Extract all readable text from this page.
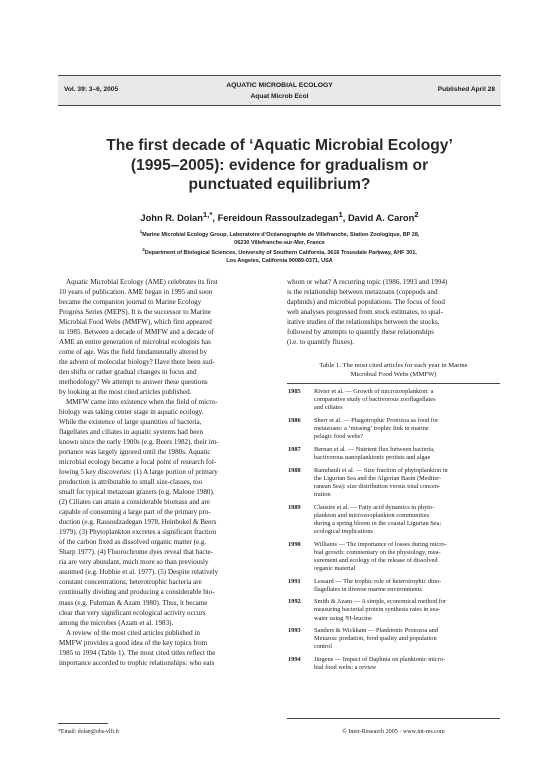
Vol. 39: 3–6, 2005
AQUATIC MICROBIAL ECOLOGY
Aquat Microb Ecol
Published April 28
The first decade of ‘Aquatic Microbial Ecology’
(1995–2005): evidence for gradualism or
punctuated equilibrium?
John R. Dolan$^{1,*}$, Fereidoun Rassoulzadegan$^1$, David A. Caron$^2$
$^1$Marine Microbial Ecology Group, Laboratoire d’Océanographie de Villefranche, Station Zoologique, BP 28,
06230 Villefranche-sur-Mer, France
$^2$Department of Biological Sciences, University of Southern California, 3616 Trousdale Parkway, AHF 301,
Los Angeles, California 90089-0371, USA
Aquatic Microbial Ecology (AME) celebrates its first
10 years of publication. AME began in 1995 and soon
became the companion journal to Marine Ecology
Progress Series (MEPS). It is the successor to Marine
Microbial Food Webs (MMFW), which first appeared
in 1985. Between a decade of MMFW and a decade of
AME an entire generation of microbial ecologists has
come of age. Was the field fundamentally altered by
the advent of molecular biology? Have there been sud-
den shifts or rather gradual changes in focus and
methodology? We attempt to answer these questions
by looking at the most cited articles published.
MMFW came into existence when the field of micro-
biology was taking center stage in aquatic ecology.
While the existence of large quantities of bacteria,
flagellates and ciliates in aquatic systems had been
known since the early 1900s (e.g. Beers 1982), their im-
portance was largely ignored until the 1980s. Aquatic
microbial ecology became a focal point of research fol-
lowing 5 key discoveries: (1) A large portion of primary
production is attributable to small size-classes, too
small for typical metazoan grazers (e.g. Malone 1980).
(2) Ciliates can attain a considerable biomass and are
capable of consuming a large part of the primary pro-
duction (e.g. Rassoulzadegan 1978, Heinbokel & Beers
1979). (3) Phytoplankton excretes a significant fraction
of the carbon fixed as dissolved organic matter (e.g.
Sharp 1977). (4) Fluorochrome dyes reveal that bacte-
ria are very abundant, much more so than previously
assumed (e.g. Hobbie et al. 1977). (5) Despite relatively
constant concentrations, heterotrophic bacteria are
continually dividing and producing a considerable bio-
mass (e.g. Fuhrman & Azam 1980). Thus, it became
clear that very significant ecological activity occurs
among the microbes (Azam et al. 1983).
A review of the most cited articles published in
MMFW provides a good idea of the key topics from
1985 to 1994 (Table 1). The most cited titles reflect the
importance accorded to trophic relationships: who eats
whom or what? A recurring topic (1986, 1993 and 1994)
is the relationship between metazoans (copepods and
daphnids) and microbial populations. The focus of food
web analyses progressed from stock estimates, to qual-
itative studies of the relationships between the stocks,
followed by attempts to quantify these relationships
(i.e. to quantify fluxes).
Table 1. The most cited articles for each year in Marine
Microbial Food Webs (MMFW)
1985	Rivier et al. — Growth of microzooplankton: a
comparative study of bactivorous zooflagellates
and ciliates
1986	Sherr et al. — Phagotrophic Protozoa as food for
metazoans: a ‘missing’ trophic link in marine
pelagic food webs?
1987	Bernan et al. — Nutrient flux between bacteria,
bactivorous nanoplanktonic protists and algae
1988	Raimbault et al. — Size fraction of phytoplankton in
the Ligurian Sea and the Algerian Basin (Mediter-
ranean Sea): size distribution versus total concen-
tration
1989	Claustre et al. — Fatty acid dynamics in phyto-
plankton and microzooplankton communities
during a spring bloom in the coastal Ligurian Sea:
ecological implications
1990	Williams — The importance of losses during micro-
bial growth: commentary on the physiology, mea-
surement and ecology of the release of dissolved
organic material
1991	Lessard — The trophic role of heterotrophic dino-
flagellates in diverse marine environments
1992	Smith & Azam — A simple, economical method for
measuring bacterial protein synthesis rates in sea-
water using ³H-leucine
1993	Sanders & Wickham — Planktonic Protozoa and
Metazoa: predation, food quality and population
control
1994	Jürgens — Impact of Daphnia on planktonic micro-
bial food webs: a review
*Email: dolan@obs-vlfr.fr	© Inter-Research 2005 · www.int-res.com
